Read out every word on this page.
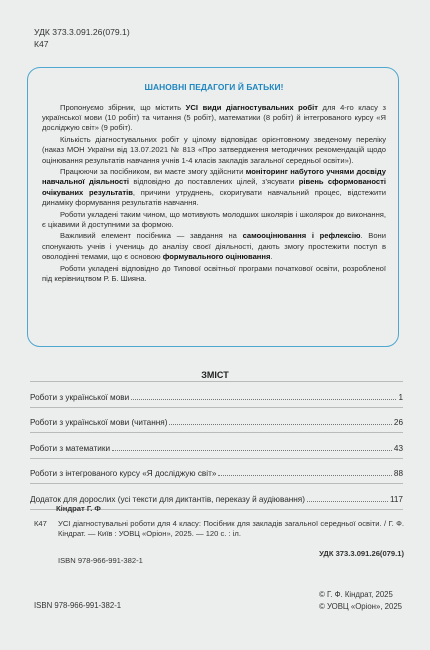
УДК 373.3.091.26(079.1)
К47
ШАНОВНІ ПЕДАГОГИ Й БАТЬКИ!

Пропонуємо збірник, що містить УСІ види діагностувальних робіт для 4-го класу з української мови (10 робіт) та читання (5 робіт), математики (8 робіт) й інтегрованого курсу «Я досліджую світ» (9 робіт).

Кількість діагностувальних робіт у цілому відповідає орієнтовному зведеному переліку (наказ МОН України від 13.07.2021 № 813 «Про затвердження методичних рекомендацій щодо оцінювання результатів навчання учнів 1-4 класів закладів загальної середньої освіти»).

Працюючи за посібником, ви маєте змогу здійснити моніторинг набутого учнями досвіду навчальної діяльності відповідно до поставлених цілей, з’ясувати рівень сформованості очікуваних результатів, причини утруднень, скоригувати навчальний процес, відстежити динаміку формування результатів навчання.

Роботи укладені таким чином, що мотивують молодших школярів і школярок до виконання, є цікавими й доступними за формою.

Важливий елемент посібника — завдання на самооцінювання і рефлексію. Вони спонукають учнів і учениць до аналізу своєї діяльності, дають змогу простежити поступ в оволодінні темами, що є основою формувального оцінювання.

Роботи укладені відповідно до Типової освітньої програми початкової освіти, розробленої під керівництвом Р. Б. Шияна.

ЗМІСТ
Роботи з української мови	1
Роботи з української мови (читання)	26
Роботи з математики	43
Роботи з інтегрованого курсу «Я досліджую світ»	88
Додаток для дорослих (усі тексти для диктантів, переказу й аудіювання)	117
Кіндрат Г. Ф
К47	УСІ діагностувальні роботи для 4 класу: Посібник для закладів загальної середньої освіти. / Г. Ф. Кіндрат. — Київ : УОВЦ «Оріон», 2025. — 120 с. : іл.
УДК 373.3.091.26(079.1)
ISBN 978-966-991-382-1
ISBN 978-966-991-382-1
© Г. Ф. Кіндрат, 2025
© УОВЦ «Оріон», 2025
